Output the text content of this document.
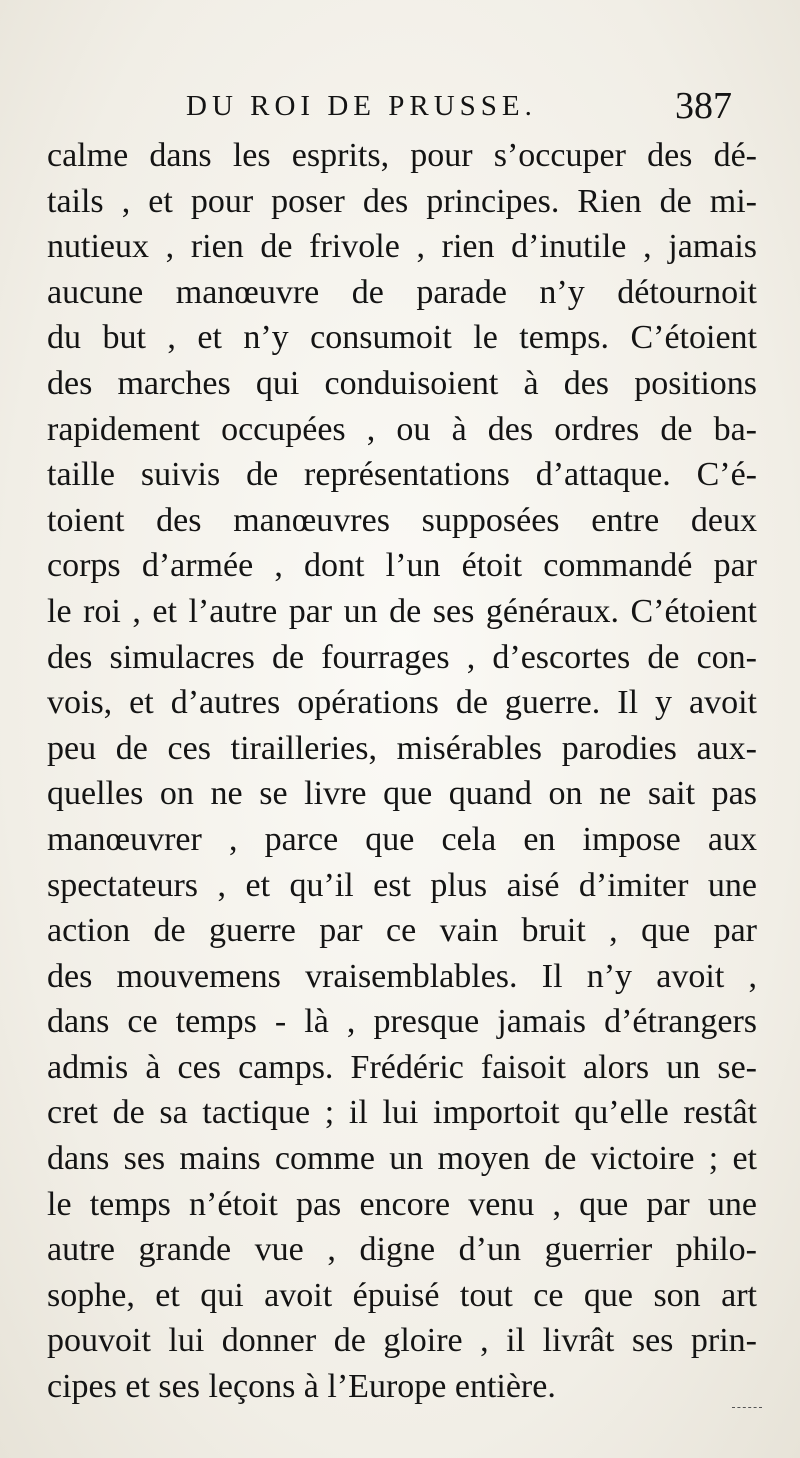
DU ROI DE PRUSSE.	387
calme dans les esprits, pour s’occuper des dé-
tails , et pour poser des principes. Rien de mi-
nutieux , rien de frivole , rien d’inutile , jamais
aucune manœuvre de parade n’y détournoit
du but , et n’y consumoit le temps. C’étoient
des marches qui conduisoient à des positions
rapidement occupées , ou à des ordres de ba-
taille suivis de représentations d’attaque. C’é-
toient des manœuvres supposées entre deux
corps d’armée , dont l’un étoit commandé par
le roi , et l’autre par un de ses généraux. C’étoient
des simulacres de fourrages , d’escortes de con-
vois, et d’autres opérations de guerre. Il y avoit
peu de ces tirailleries, misérables parodies aux-
quelles on ne se livre que quand on ne sait pas
manœuvrer , parce que cela en impose aux
spectateurs , et qu’il est plus aisé d’imiter une
action de guerre par ce vain bruit , que par
des mouvemens vraisemblables. Il n’y avoit ,
dans ce temps - là , presque jamais d’étrangers
admis à ces camps. Frédéric faisoit alors un se-
cret de sa tactique ; il lui importoit qu’elle restât
dans ses mains comme un moyen de victoire ; et
le temps n’étoit pas encore venu , que par une
autre grande vue , digne d’un guerrier philo-
sophe, et qui avoit épuisé tout ce que son art
pouvoit lui donner de gloire , il livrât ses prin-
cipes et ses leçons à l’Europe entière.
